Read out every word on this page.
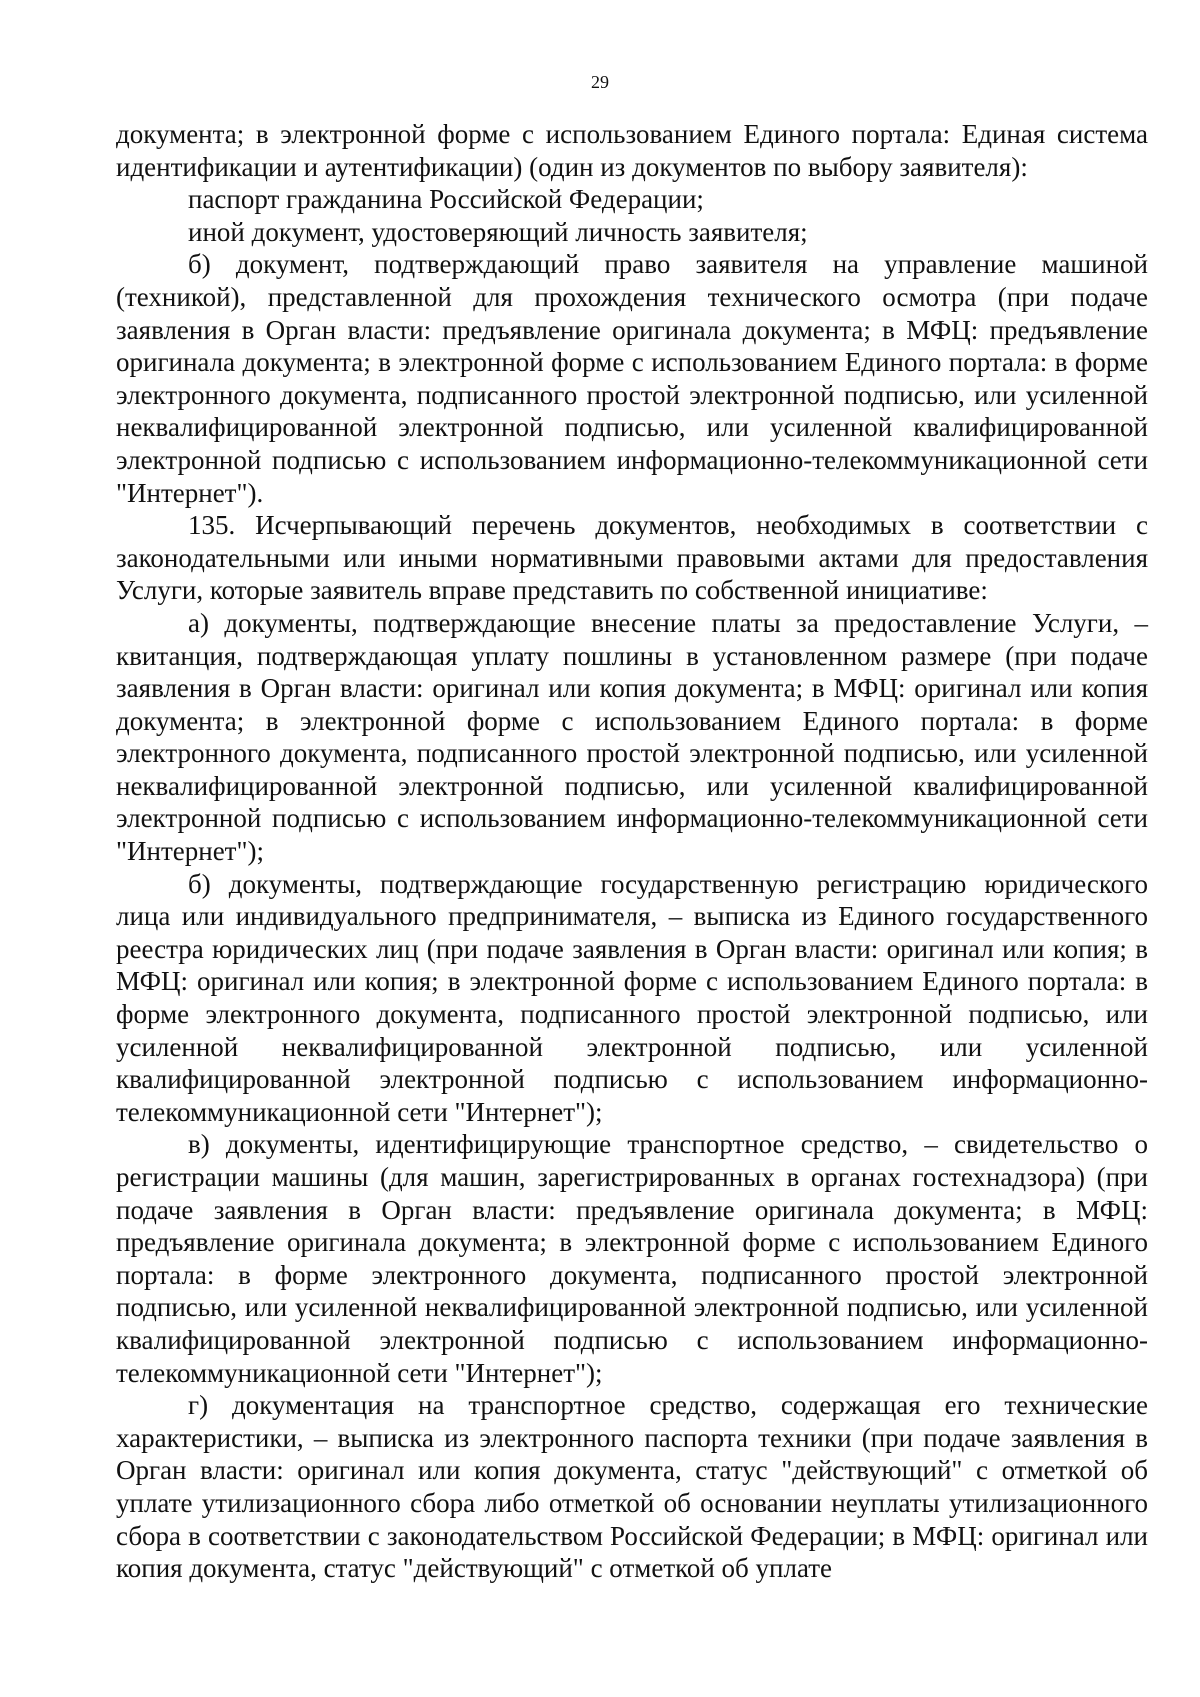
29

документа; в электронной форме с использованием Единого портала: Единая система идентификации и аутентификации) (один из документов по выбору заявителя):

паспорт гражданина Российской Федерации;

иной документ, удостоверяющий личность заявителя;

б) документ, подтверждающий право заявителя на управление машиной (техникой), представленной для прохождения технического осмотра (при подаче заявления в Орган власти: предъявление оригинала документа; в МФЦ: предъявление оригинала документа; в электронной форме с использованием Единого портала: в форме электронного документа, подписанного простой электронной подписью, или усиленной неквалифицированной электронной подписью, или усиленной квалифицированной электронной подписью с использованием информационно-телекоммуникационной сети "Интернет").

135. Исчерпывающий перечень документов, необходимых в соответствии с законодательными или иными нормативными правовыми актами для предоставления Услуги, которые заявитель вправе представить по собственной инициативе:

а) документы, подтверждающие внесение платы за предоставление Услуги, – квитанция, подтверждающая уплату пошлины в установленном размере (при подаче заявления в Орган власти: оригинал или копия документа; в МФЦ: оригинал или копия документа; в электронной форме с использованием Единого портала: в форме электронного документа, подписанного простой электронной подписью, или усиленной неквалифицированной электронной подписью, или усиленной квалифицированной электронной подписью с использованием информационно-телекоммуникационной сети "Интернет");

б) документы, подтверждающие государственную регистрацию юридического лица или индивидуального предпринимателя, – выписка из Единого государственного реестра юридических лиц (при подаче заявления в Орган власти: оригинал или копия; в МФЦ: оригинал или копия; в электронной форме с использованием Единого портала: в форме электронного документа, подписанного простой электронной подписью, или усиленной неквалифицированной электронной подписью, или усиленной квалифицированной электронной подписью с использованием информационно-телекоммуникационной сети "Интернет");

в) документы, идентифицирующие транспортное средство, – свидетельство о регистрации машины (для машин, зарегистрированных в органах гостехнадзора) (при подаче заявления в Орган власти: предъявление оригинала документа; в МФЦ: предъявление оригинала документа; в электронной форме с использованием Единого портала: в форме электронного документа, подписанного простой электронной подписью, или усиленной неквалифицированной электронной подписью, или усиленной квалифицированной электронной подписью с использованием информационно-телекоммуникационной сети "Интернет");

г) документация на транспортное средство, содержащая его технические характеристики, – выписка из электронного паспорта техники (при подаче заявления в Орган власти: оригинал или копия документа, статус "действующий" с отметкой об уплате утилизационного сбора либо отметкой об основании неуплаты утилизационного сбора в соответствии с законодательством Российской Федерации; в МФЦ: оригинал или копия документа, статус "действующий" с отметкой об уплате
